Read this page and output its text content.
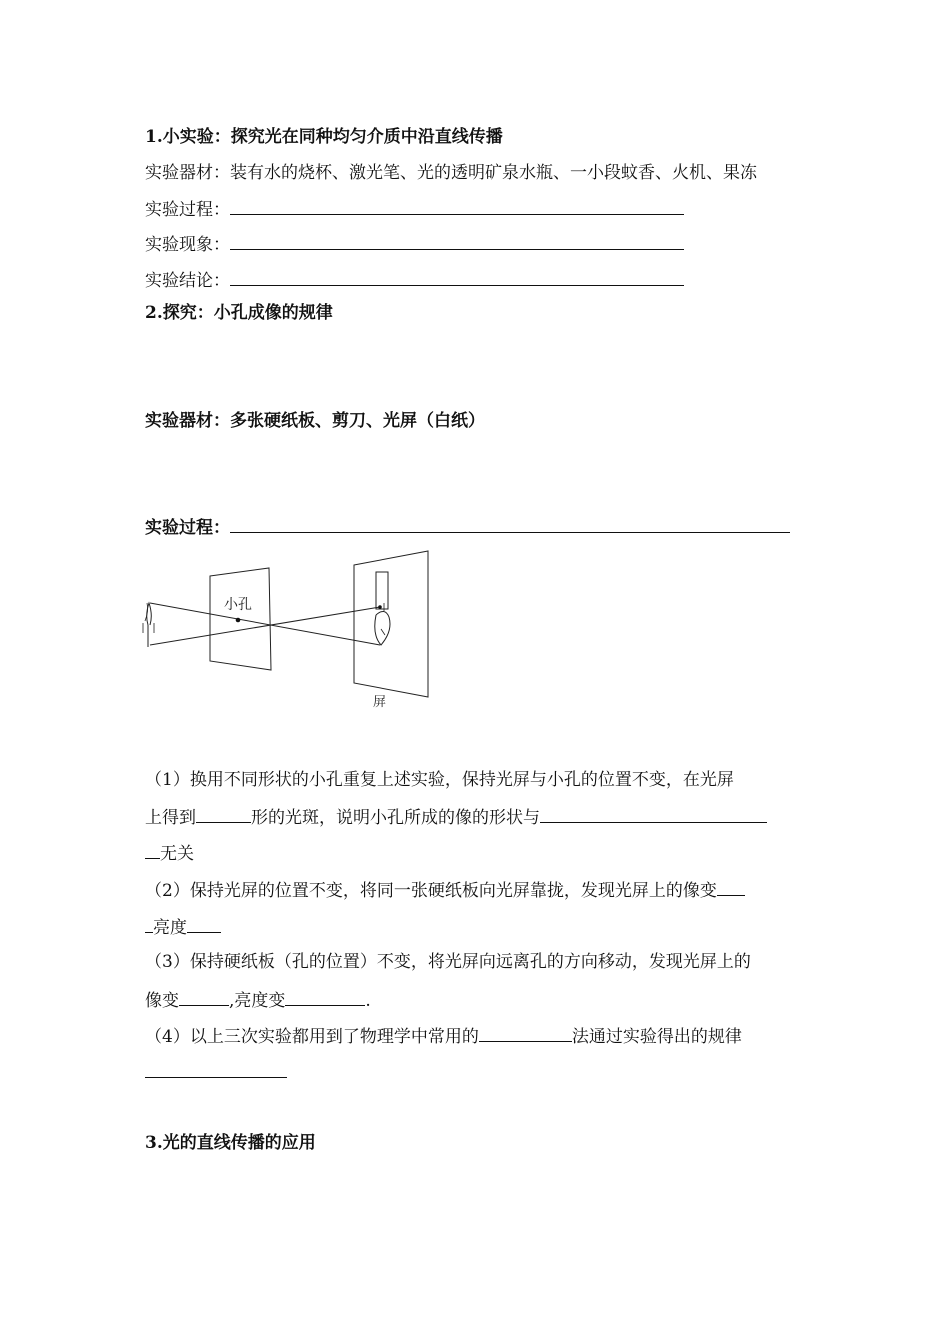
1.小实验：探究光在同种均匀介质中沿直线传播
实验器材：装有水的烧杯、激光笔、光的透明矿泉水瓶、一小段蚊香、火机、果冻
实验过程：
实验现象：
实验结论：
2.探究：小孔成像的规律
实验器材：多张硬纸板、剪刀、光屏（白纸）
实验过程：
小孔
屏
（1）换用不同形状的小孔重复上述实验，保持光屏与小孔的位置不变，在光屏
上得到	形的光斑，说明小孔所成的像的形状与
无关
（2）保持光屏的位置不变，将同一张硬纸板向光屏靠拢，发现光屏上的像变
亮度
（3）保持硬纸板（孔的位置）不变，将光屏向远离孔的方向移动，发现光屏上的
像变	,亮度变	.
（4）以上三次实验都用到了物理学中常用的	法通过实验得出的规律
3.光的直线传播的应用
